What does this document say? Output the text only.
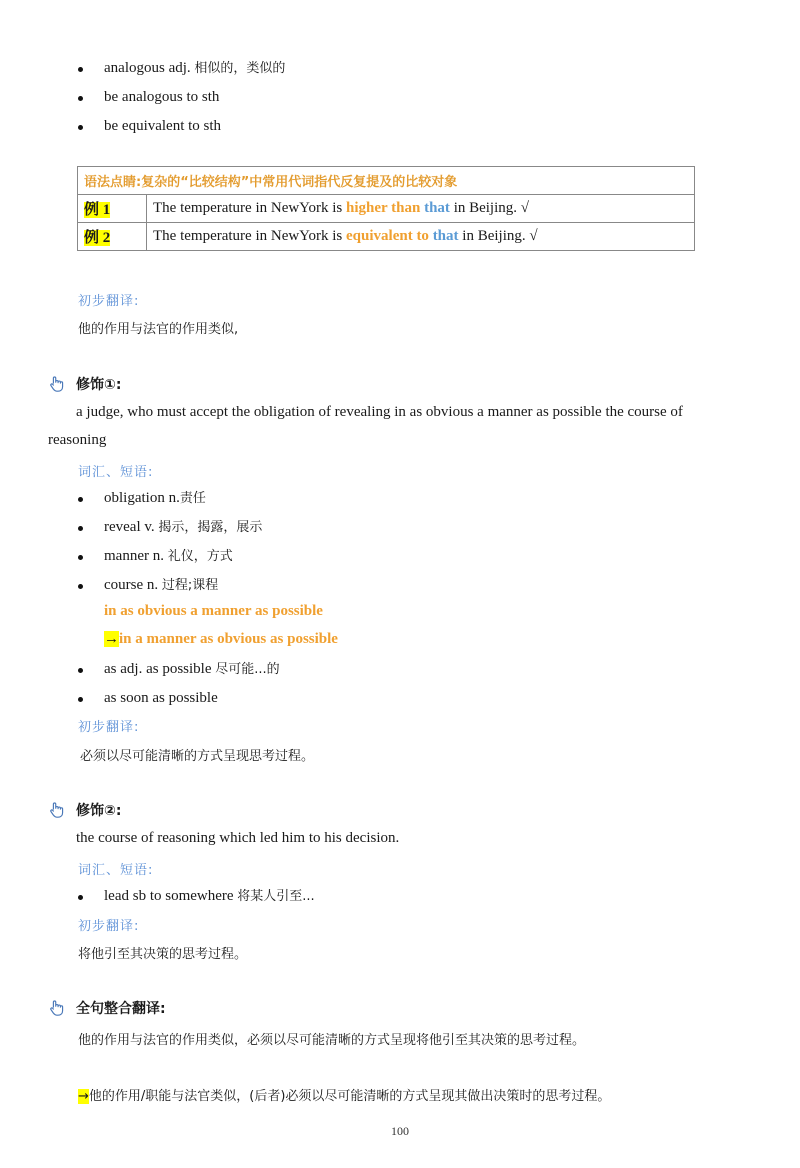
analogous adj. 相似的，类似的
be analogous to sth
be equivalent to sth
语法点睛:复杂的“比较结构”中常用代词指代反复提及的比较对象	
例 1	The temperature in NewYork is higher than that in Beijing. √
例 2	The temperature in NewYork is equivalent to that in Beijing. √
初步翻译:
他的作用与法官的作用类似,
修饰①:
a judge, who must accept the obligation of revealing in as obvious a manner as possible the course of
reasoning
词汇、短语:
obligation n.责任
reveal v. 揭示，揭露，展示
manner n. 礼仪，方式
course n. 过程;课程
in as obvious a manner as possible
→in a manner as obvious as possible
as adj. as possible 尽可能...的
as soon as possible
初步翻译:
必须以尽可能清晰的方式呈现思考过程。
修饰②:
the course of reasoning which led him to his decision.
词汇、短语:
lead sb to somewhere 将某人引至...
初步翻译:
将他引至其决策的思考过程。
全句整合翻译:
他的作用与法官的作用类似，必须以尽可能清晰的方式呈现将他引至其决策的思考过程。
→他的作用/职能与法官类似，(后者)必须以尽可能清晰的方式呈现其做出决策时的思考过程。
100
